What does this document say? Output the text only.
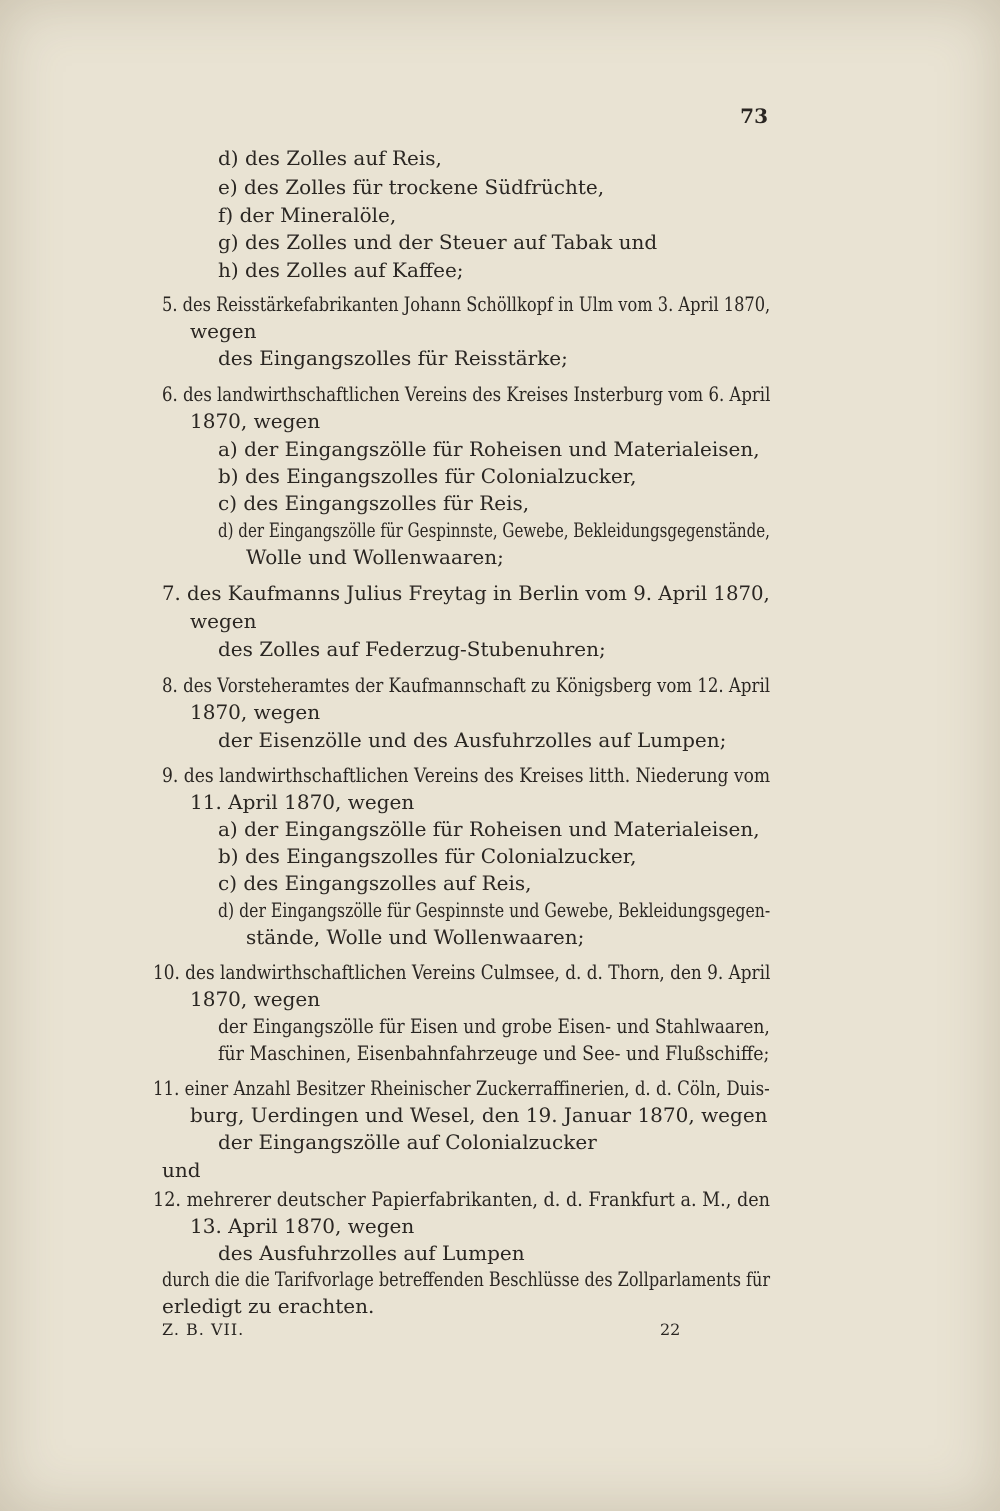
73
d) des Zolles auf Reis,
e) des Zolles für trockene Südfrüchte,
f) der Mineralöle,
g) des Zolles und der Steuer auf Tabak und
h) des Zolles auf Kaffee;
5. des Reisstärkefabrikanten Johann Schöllkopf in Ulm vom 3. April 1870,
wegen
des Eingangszolles für Reisstärke;
6. des landwirthschaftlichen Vereins des Kreises Insterburg vom 6. April
1870, wegen
a) der Eingangszölle für Roheisen und Materialeisen,
b) des Eingangszolles für Colonialzucker,
c) des Eingangszolles für Reis,
d) der Eingangszölle für Gespinnste, Gewebe, Bekleidungsgegenstände,
Wolle und Wollenwaaren;
7. des Kaufmanns Julius Freytag in Berlin vom 9. April 1870,
wegen
des Zolles auf Federzug-Stubenuhren;
8. des Vorsteheramtes der Kaufmannschaft zu Königsberg vom 12. April
1870, wegen
der Eisenzölle und des Ausfuhrzolles auf Lumpen;
9. des landwirthschaftlichen Vereins des Kreises litth. Niederung vom
11. April 1870, wegen
a) der Eingangszölle für Roheisen und Materialeisen,
b) des Eingangszolles für Colonialzucker,
c) des Eingangszolles auf Reis,
d) der Eingangszölle für Gespinnste und Gewebe, Bekleidungsgegen-
stände, Wolle und Wollenwaaren;
10. des landwirthschaftlichen Vereins Culmsee, d. d. Thorn, den 9. April
1870, wegen
der Eingangszölle für Eisen und grobe Eisen- und Stahlwaaren,
für Maschinen, Eisenbahnfahrzeuge und See- und Flußschiffe;
11. einer Anzahl Besitzer Rheinischer Zuckerraffinerien, d. d. Cöln, Duis-
burg, Uerdingen und Wesel, den 19. Januar 1870, wegen
der Eingangszölle auf Colonialzucker
und
12. mehrerer deutscher Papierfabrikanten, d. d. Frankfurt a. M., den
13. April 1870, wegen
des Ausfuhrzolles auf Lumpen
durch die die Tarifvorlage betreffenden Beschlüsse des Zollparlaments für
erledigt zu erachten.
Z. B. VII.	22
